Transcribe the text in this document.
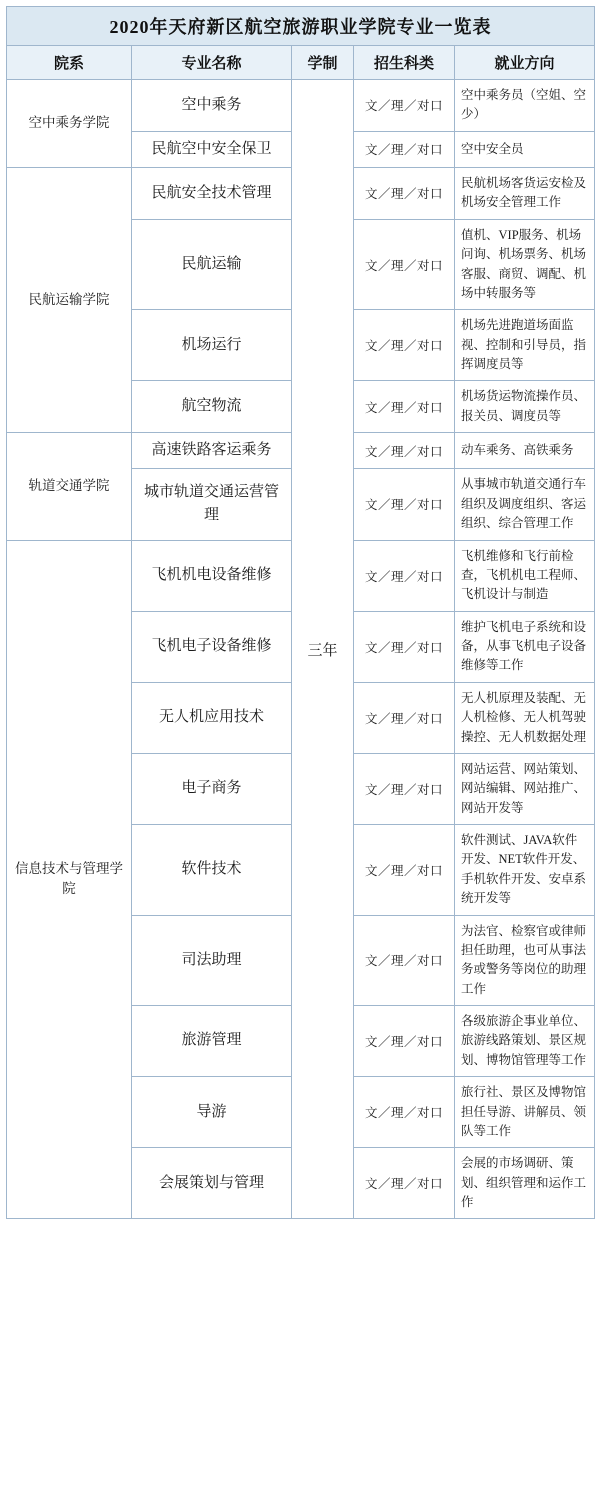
2020年天府新区航空旅游职业学院专业一览表				
院系	专业名称	学制	招生科类	就业方向
空中乘务学院	空中乘务	三年	文／理／对口	空中乘务员（空姐、空少）
	民航空中安全保卫		文／理／对口	空中安全员
民航运输学院	民航安全技术管理		文／理／对口	民航机场客货运安检及机场安全管理工作
	民航运输		文／理／对口	值机、VIP服务、机场问询、机场票务、机场客服、商贸、调配、机场中转服务等
	机场运行		文／理／对口	机场先进跑道场面监视、控制和引导员，指挥调度员等
	航空物流		文／理／对口	机场货运物流操作员、报关员、调度员等
轨道交通学院	高速铁路客运乘务		文／理／对口	动车乘务、高铁乘务
	城市轨道交通运营管理		文／理／对口	从事城市轨道交通行车组织及调度组织、客运组织、综合管理工作
信息技术与管理学院	飞机机电设备维修		文／理／对口	飞机维修和飞行前检查，飞机机电工程师、飞机设计与制造
	飞机电子设备维修		文／理／对口	维护飞机电子系统和设备，从事飞机电子设备维修等工作
	无人机应用技术		文／理／对口	无人机原理及装配、无人机检修、无人机驾驶操控、无人机数据处理
	电子商务		文／理／对口	网站运营、网站策划、网站编辑、网站推广、网站开发等
	软件技术		文／理／对口	软件测试、JAVA软件开发、NET软件开发、手机软件开发、安卓系统开发等
	司法助理		文／理／对口	为法官、检察官或律师担任助理，也可从事法务或警务等岗位的助理工作
	旅游管理		文／理／对口	各级旅游企事业单位、旅游线路策划、景区规划、博物馆管理等工作
	导游		文／理／对口	旅行社、景区及博物馆担任导游、讲解员、领队等工作
	会展策划与管理		文／理／对口	会展的市场调研、策划、组织管理和运作工作
